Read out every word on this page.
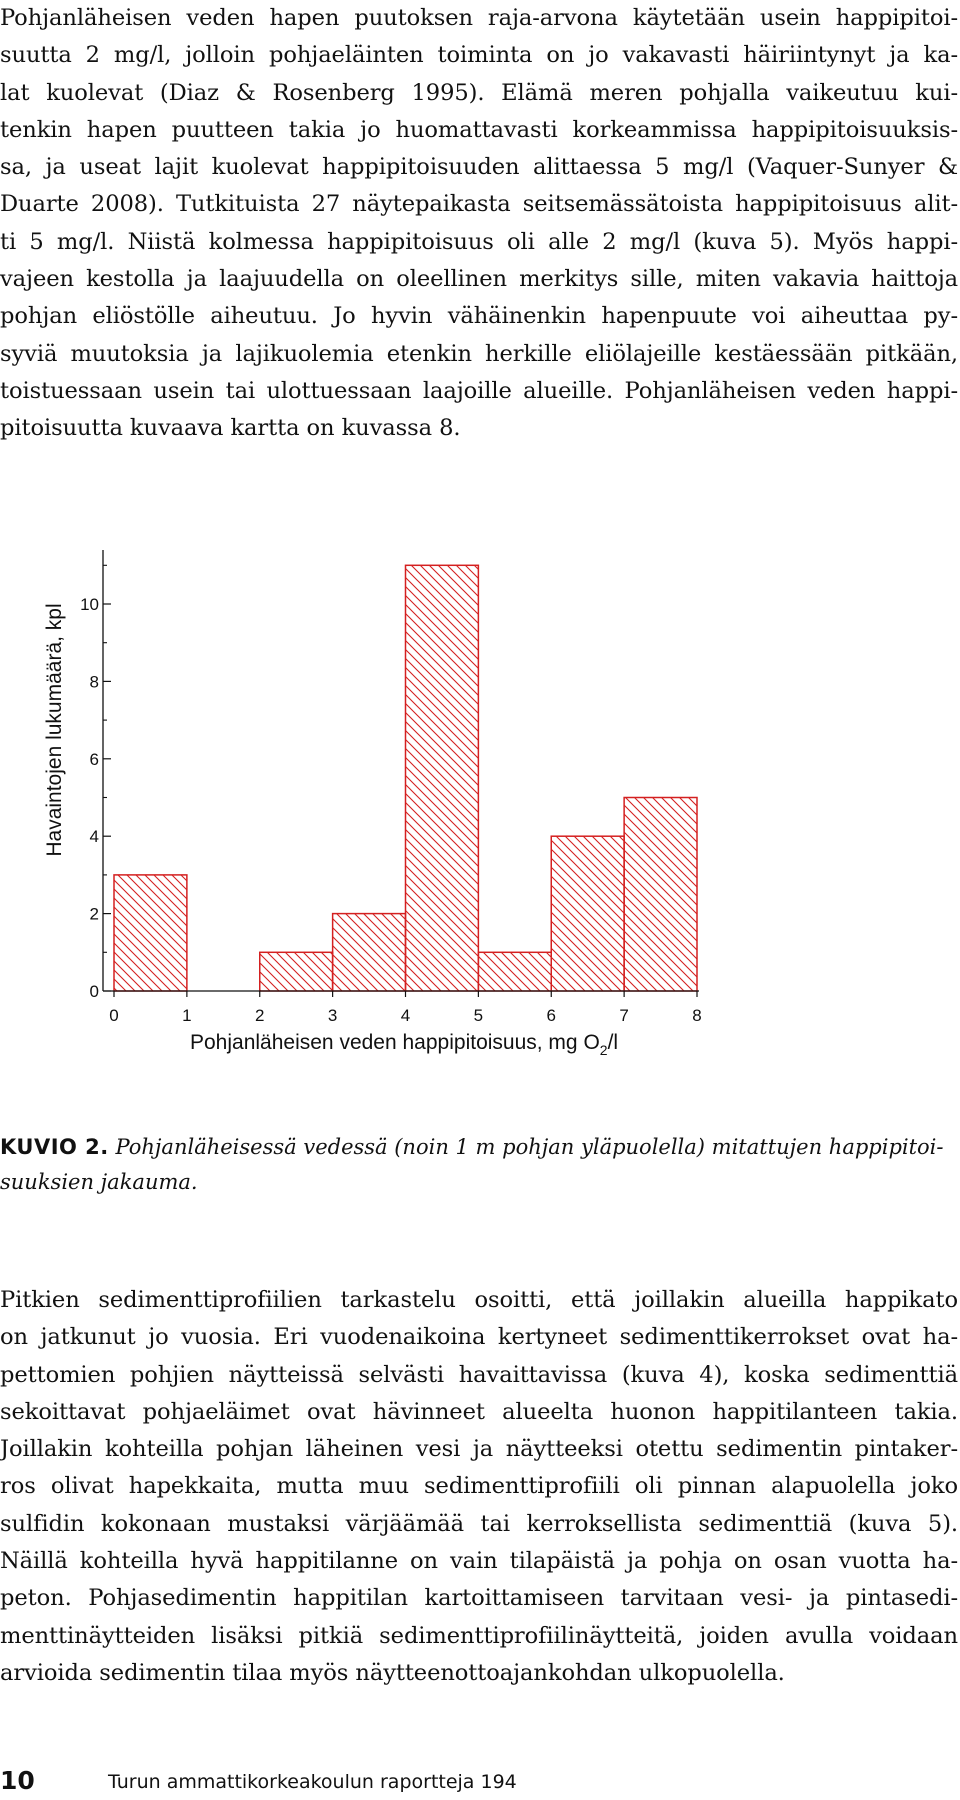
Pohjanläheisen veden hapen puutoksen raja-arvona käytetään usein happipitoi-
suutta 2 mg/l, jolloin pohjaeläinten toiminta on jo vakavasti häiriintynyt ja ka-
lat kuolevat (Diaz & Rosenberg 1995). Elämä meren pohjalla vaikeutuu kui-
tenkin hapen puutteen takia jo huomattavasti korkeammissa happipitoisuuksis-
sa, ja useat lajit kuolevat happipitoisuuden alittaessa 5 mg/l (Vaquer-Sunyer &
Duarte 2008). Tutkituista 27 näytepaikasta seitsemässätoista happipitoisuus alit-
ti 5 mg/l. Niistä kolmessa happipitoisuus oli alle 2 mg/l (kuva 5). Myös happi-
vajeen kestolla ja laajuudella on oleellinen merkitys sille, miten vakavia haittoja
pohjan eliöstölle aiheutuu. Jo hyvin vähäinenkin hapenpuute voi aiheuttaa py-
syviä muutoksia ja lajikuolemia etenkin herkille eliölajeille kestäessään pitkään,
toistuessaan usein tai ulottuessaan laajoille alueille. Pohjanläheisen veden happi-
pitoisuutta kuvaava kartta on kuvassa 8.
0	1	2	3	4	5	6	7	8
0
2
4
6
8
10
Havaintojen lukumäärä, kpl
Pohjanläheisen veden happipitoisuus, mg $O_2/l$
KUVIO 2. Pohjanläheisessä vedessä (noin 1 m pohjan yläpuolella) mitattujen happipitoi-
suuksien jakauma.
Pitkien sedimenttiprofiilien tarkastelu osoitti, että joillakin alueilla happikato
on jatkunut jo vuosia. Eri vuodenaikoina kertyneet sedimenttikerrokset ovat ha-
pettomien pohjien näytteissä selvästi havaittavissa (kuva 4), koska sedimenttiä
sekoittavat pohjaeläimet ovat hävinneet alueelta huonon happitilanteen takia.
Joillakin kohteilla pohjan läheinen vesi ja näytteeksi otettu sedimentin pintaker-
ros olivat hapekkaita, mutta muu sedimenttiprofiili oli pinnan alapuolella joko
sulfidin kokonaan mustaksi värjäämää tai kerroksellista sedimenttiä (kuva 5).
Näillä kohteilla hyvä happitilanne on vain tilapäistä ja pohja on osan vuotta ha-
peton. Pohjasedimentin happitilan kartoittamiseen tarvitaan vesi- ja pintasedi-
menttinäytteiden lisäksi pitkiä sedimenttiprofiilinäytteitä, joiden avulla voidaan
arvioida sedimentin tilaa myös näytteenottoajankohdan ulkopuolella.
10	Turun ammattikorkeakoulun raportteja 194
